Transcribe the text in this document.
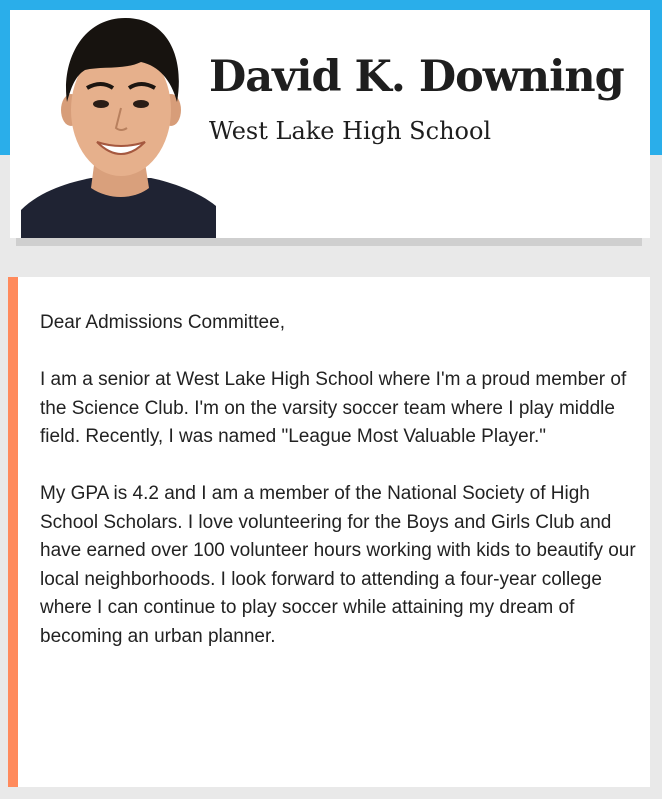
David K. Downing
West Lake High School

Dear Admissions Committee,

I am a senior at West Lake High School where I'm a proud member of the Science Club. I'm on the varsity soccer team where I play middle field. Recently, I was named "League Most Valuable Player."

My GPA is 4.2 and I am a member of the National Society of High School Scholars. I love volunteering for the Boys and Girls Club and have earned over 100 volunteer hours working with kids to beautify our local neighborhoods. I look forward to attending a four-year college where I can continue to play soccer while attaining my dream of becoming an urban planner.
